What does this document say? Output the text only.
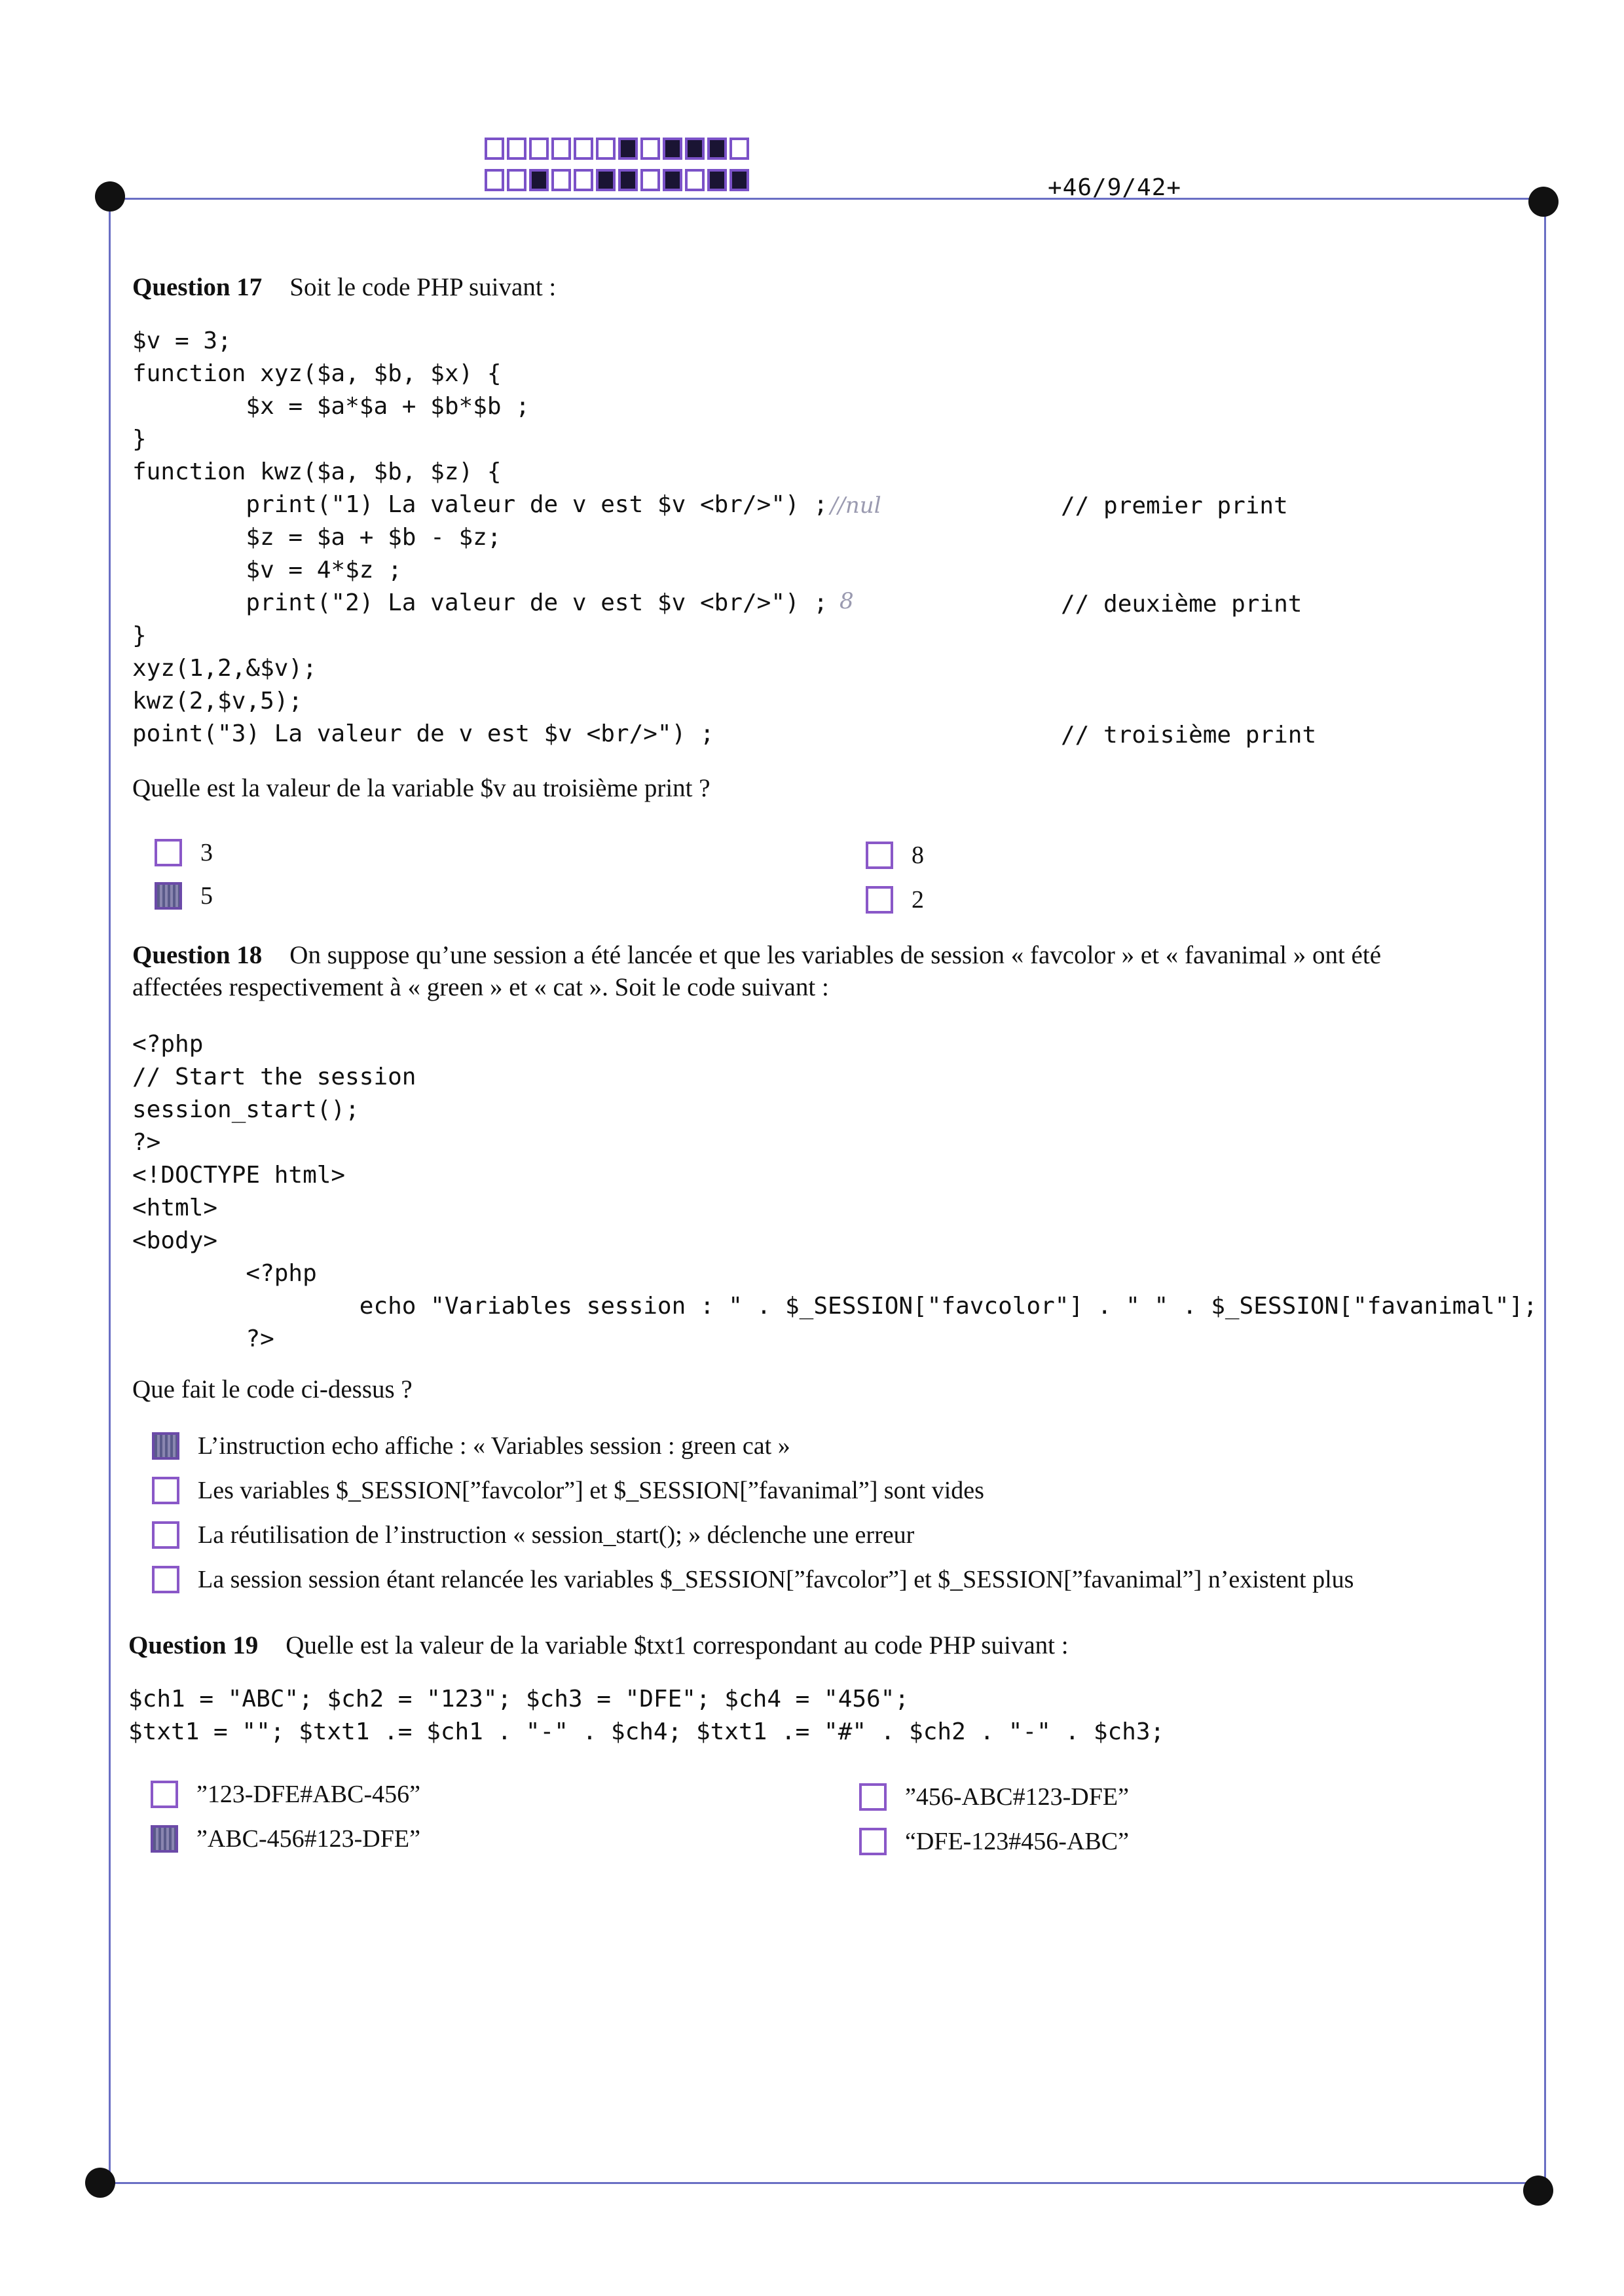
+46/9/42+
Question 17 Soit le code PHP suivant :
$v = 3;
function xyz($a, $b, $x) {
$x = $a*$a + $b*$b ;
}
function kwz($a, $b, $z) {
print("1) La valeur de v est $v <br/>") ;
$z = $a + $b - $z;
$v = 4*$z ;
print("2) La valeur de v est $v <br/>") ;
}
xyz(1,2,&$v);
kwz(2,$v,5);
point("3) La valeur de v est $v <br/>") ;
// premier print
// deuxième print
// troisième print
//nul
8
Quelle est la valeur de la variable $v au troisième print ?
3
5
8
2
Question 18 On suppose qu’une session a été lancée et que les variables de session « favcolor » et « favanimal » ont été
affectées respectivement à « green » et « cat ». Soit le code suivant :
<?php
// Start the session
session_start();
?>
<!DOCTYPE html>
<html>
<body>
<?php
echo "Variables session : " . $_SESSION["favcolor"] . " " . $_SESSION["favanimal"];
?>
Que fait le code ci-dessus ?
L’instruction echo affiche : « Variables session : green cat »
Les variables $_SESSION[”favcolor”] et $_SESSION[”favanimal”] sont vides
La réutilisation de l’instruction « session_start(); » déclenche une erreur
La session session étant relancée les variables $_SESSION[”favcolor”] et $_SESSION[”favanimal”] n’existent plus
Question 19 Quelle est la valeur de la variable $txt1 correspondant au code PHP suivant :
$ch1 = "ABC"; $ch2 = "123"; $ch3 = "DFE"; $ch4 = "456";
$txt1 = ""; $txt1 .= $ch1 . "-" . $ch4; $txt1 .= "#" . $ch2 . "-" . $ch3;
”123-DFE#ABC-456”
”ABC-456#123-DFE”
”456-ABC#123-DFE”
“DFE-123#456-ABC”
